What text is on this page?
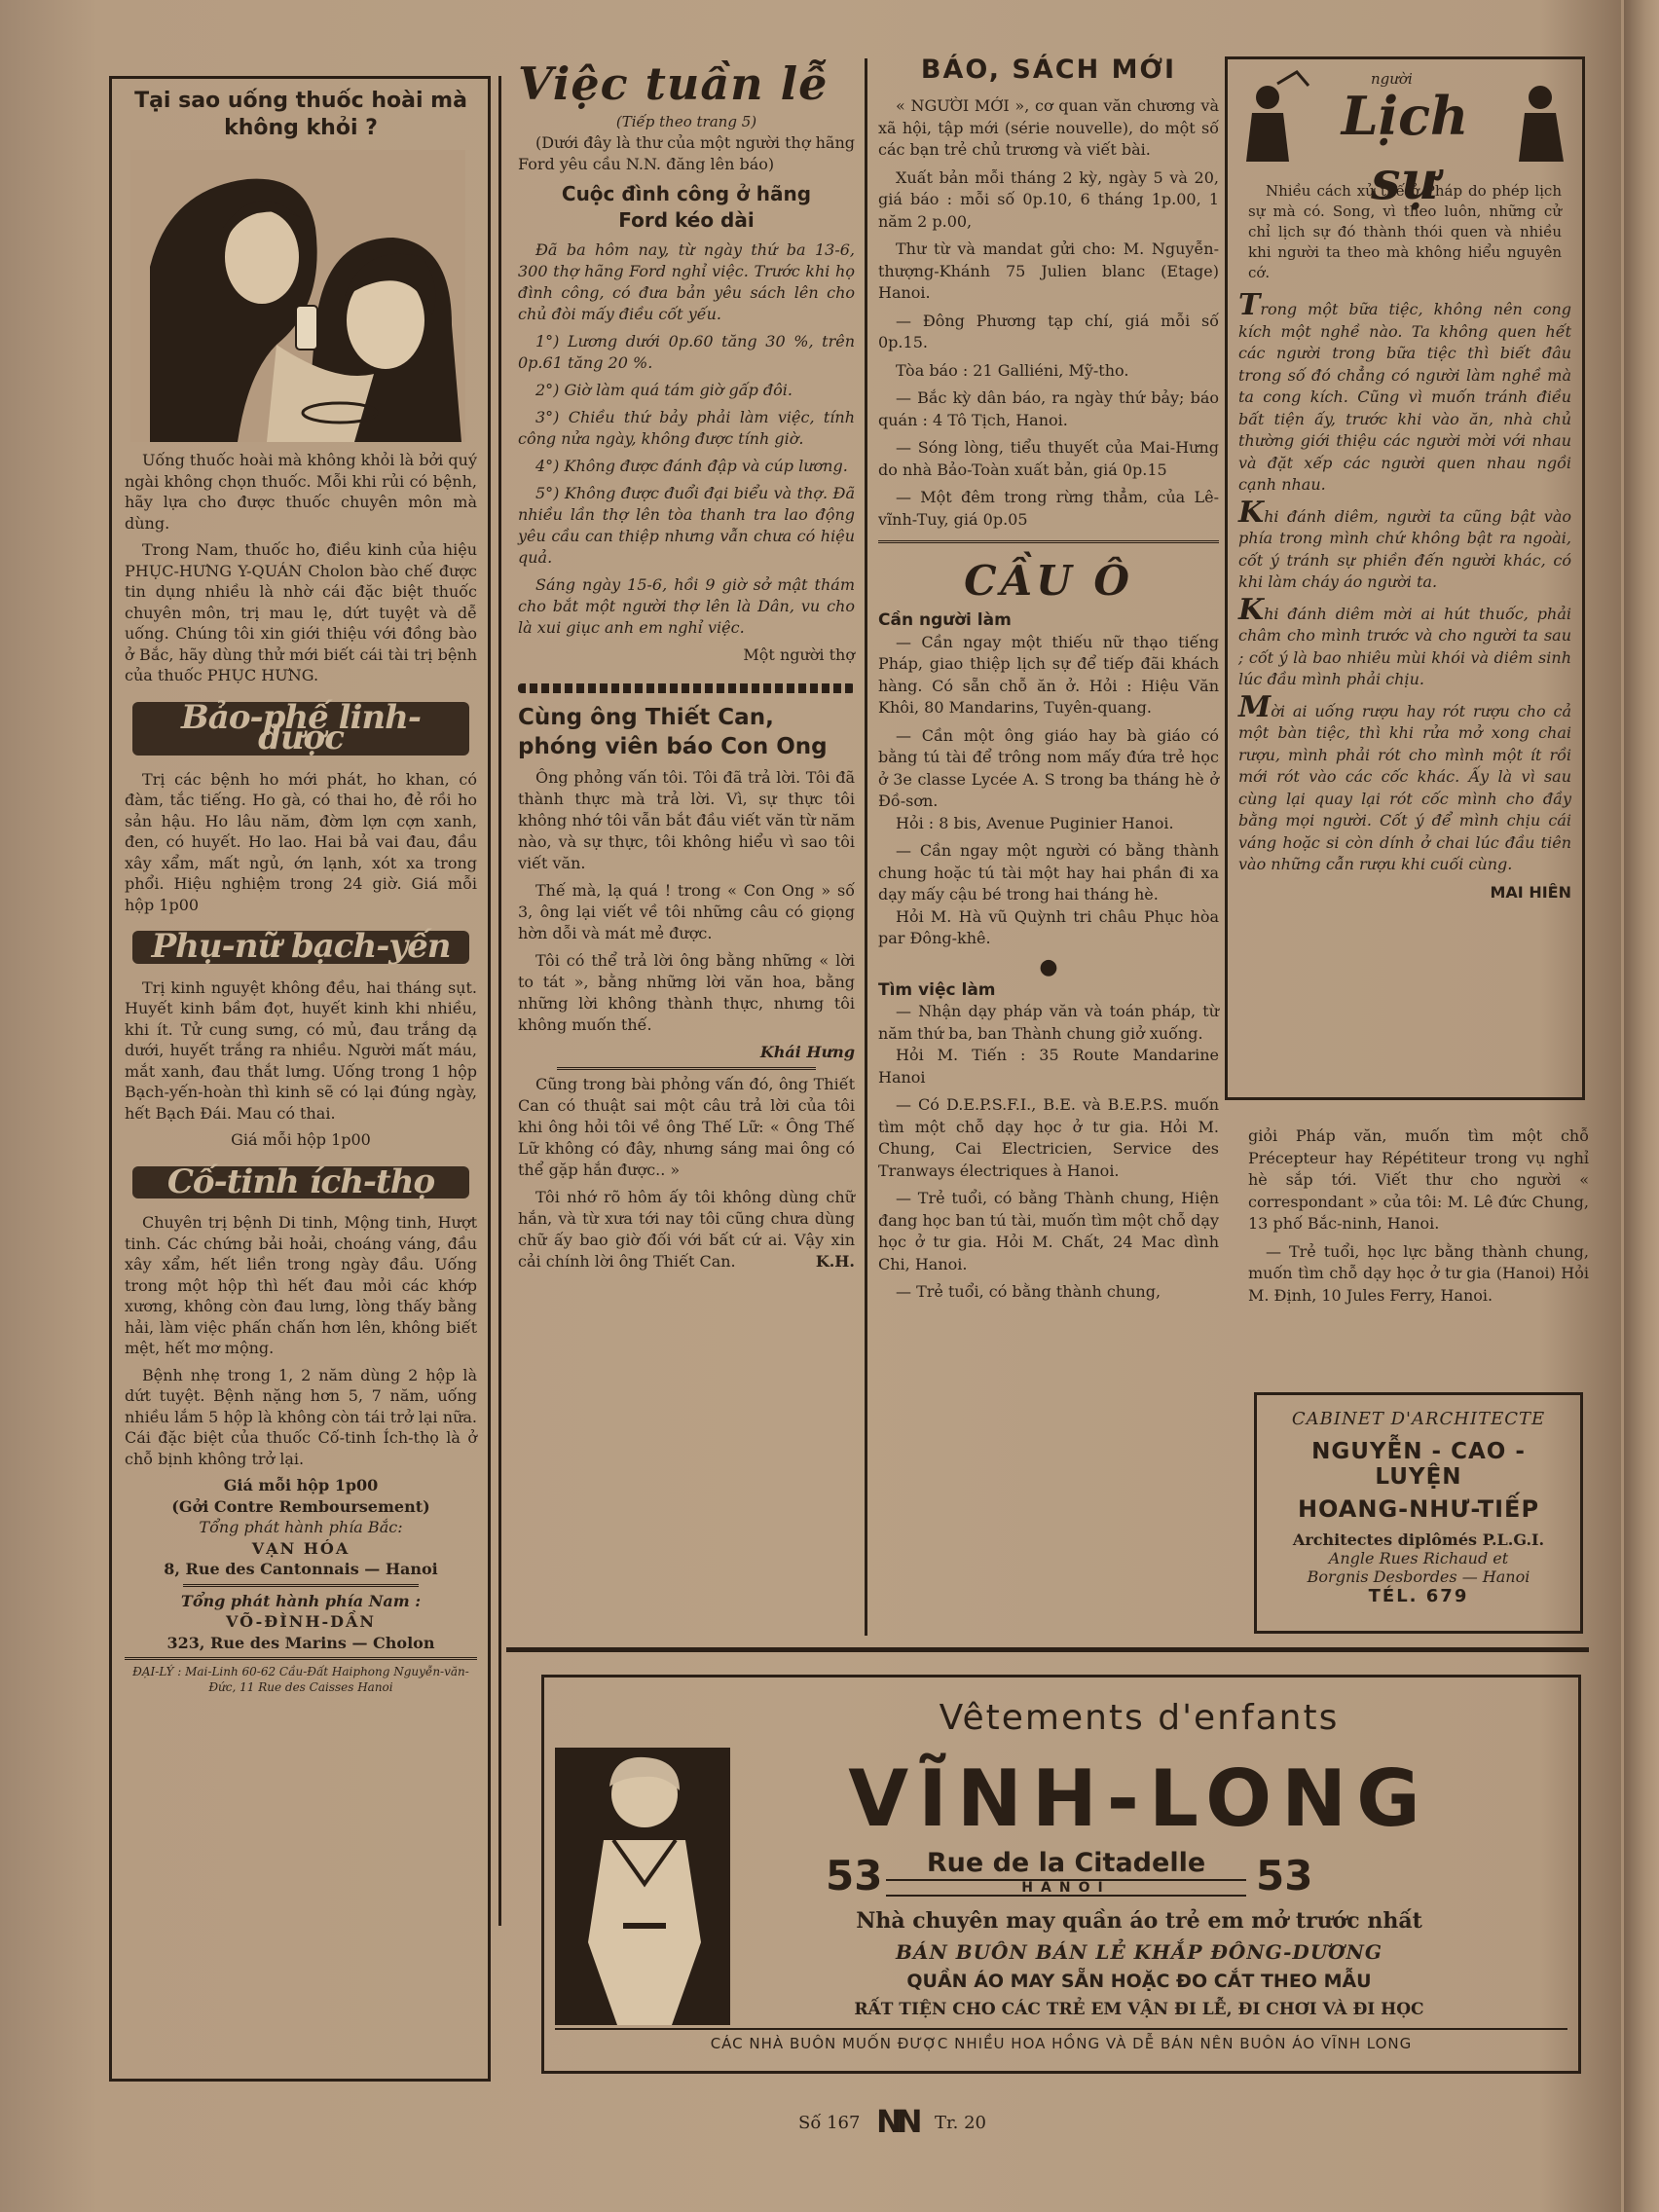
Tại sao uống thuốc hoài mà không khỏi ?

Uống thuốc hoài mà không khỏi là bởi quý ngài không chọn thuốc. Mỗi khi rủi có bệnh, hãy lựa cho được thuốc chuyên môn mà dùng.

Trong Nam, thuốc ho, điều kinh của hiệu PHỤC-HƯNG Y-QUÁN Cholon bào chế được tin dụng nhiều là nhờ cái đặc biệt thuốc chuyên môn, trị mau lẹ, dứt tuyệt và dễ uống. Chúng tôi xin giới thiệu với đồng bào ở Bắc, hãy dùng thử mới biết cái tài trị bệnh của thuốc PHỤC HƯNG.

Bảo-phế linh-dược

Trị các bệnh ho mới phát, ho khan, có đàm, tắc tiếng. Ho gà, có thai ho, đẻ rồi ho sản hậu. Ho lâu năm, đờm lợn cợn xanh, đen, có huyết. Ho lao. Hai bả vai đau, đầu xây xẩm, mất ngủ, ớn lạnh, xót xa trong phổi. Hiệu nghiệm trong 24 giờ. Giá mỗi hộp 1p00

Phụ-nữ bạch-yến

Trị kinh nguyệt không đều, hai tháng sụt. Huyết kinh bầm đọt, huyết kinh khi nhiều, khi ít. Tử cung sưng, có mủ, đau trắng dạ dưới, huyết trắng ra nhiều. Người mất máu, mắt xanh, đau thắt lưng. Uống trong 1 hộp Bạch-yến-hoàn thì kinh sẽ có lại đúng ngày, hết Bạch Đái. Mau có thai.

Giá mỗi hộp 1p00
Cố-tinh ích-thọ

Chuyên trị bệnh Di tinh, Mộng tinh, Hượt tinh. Các chứng bải hoải, choáng váng, đầu xây xẩm, hết liền trong ngày đầu. Uống trong một hộp thì hết đau mỏi các khớp xương, không còn đau lưng, lòng thấy bằng hải, làm việc phấn chấn hơn lên, không biết mệt, hết mơ mộng.

Bệnh nhẹ trong 1, 2 năm dùng 2 hộp là dứt tuyệt. Bệnh nặng hơn 5, 7 năm, uống nhiều lắm 5 hộp là không còn tái trở lại nữa. Cái đặc biệt của thuốc Cố-tinh Ích-thọ là ở chỗ bịnh không trở lại.

Giá mỗi hộp 1p00
(Gởi Contre Remboursement)
Tổng phát hành phía Bắc:
VẠN HÓA
8, Rue des Cantonnais — Hanoi
Tổng phát hành phía Nam :
VÕ-ĐÌNH-DẦN
323, Rue des Marins — Cholon
ĐẠI-LÝ : Mai-Linh 60-62 Cầu-Đất Haiphong Nguyễn-văn-Đức, 11 Rue des Caisses Hanoi
Việc tuần lễ
(Tiếp theo trang 5)

(Dưới đây là thư của một người thợ hãng Ford yêu cầu N.N. đăng lên báo)

Cuộc đình công ở hãng Ford kéo dài

Đã ba hôm nay, từ ngày thứ ba 13-6, 300 thợ hãng Ford nghỉ việc. Trước khi họ đình công, có đưa bản yêu sách lên cho chủ đòi mấy điều cốt yếu.

1°) Lương dưới 0p.60 tăng 30 %, trên 0p.61 tăng 20 %.

2°) Giờ làm quá tám giờ gấp đôi.

3°) Chiều thứ bảy phải làm việc, tính công nửa ngày, không được tính giờ.

4°) Không được đánh đập và cúp lương.

5°) Không được đuổi đại biểu và thợ. Đã nhiều lần thợ lên tòa thanh tra lao động yêu cầu can thiệp nhưng vẫn chưa có hiệu quả.

Sáng ngày 15-6, hồi 9 giờ sở mật thám cho bắt một người thợ lên là Dân, vu cho là xui giục anh em nghỉ việc.

Một người thợ
Cùng ông Thiết Can, phóng viên báo Con Ong

Ông phỏng vấn tôi. Tôi đã trả lời. Tôi đã thành thực mà trả lời. Vì, sự thực tôi không nhớ tôi vẫn bắt đầu viết văn từ năm nào, và sự thực, tôi không hiểu vì sao tôi viết văn.

Thế mà, lạ quá ! trong « Con Ong » số 3, ông lại viết về tôi những câu có giọng hờn dỗi và mát mẻ được.

Tôi có thể trả lời ông bằng những « lời to tát », bằng những lời văn hoa, bằng những lời không thành thực, nhưng tôi không muốn thế.

Khái Hưng

Cũng trong bài phỏng vấn đó, ông Thiết Can có thuật sai một câu trả lời của tôi khi ông hỏi tôi về ông Thế Lữ: « Ông Thế Lữ không có đây, nhưng sáng mai ông có thể gặp hắn được.. »

Tôi nhớ rõ hôm ấy tôi không dùng chữ hắn, và từ xưa tới nay tôi cũng chưa dùng chữ ấy bao giờ đối với bất cứ ai. Vậy xin cải chính lời ông Thiết Can.	K.H.
BÁO, SÁCH MỚI

« NGƯỜI MỚI », cơ quan văn chương và xã hội, tập mới (série nouvelle), do một số các bạn trẻ chủ trương và viết bài.

Xuất bản mỗi tháng 2 kỳ, ngày 5 và 20, giá báo : mỗi số 0p.10, 6 tháng 1p.00, 1 năm 2 p.00,

Thư từ và mandat gửi cho: M. Nguyễn-thượng-Khánh 75 Julien blanc (Etage) Hanoi.

— Đông Phương tạp chí, giá mỗi số 0p.15.

Tòa báo : 21 Galliéni, Mỹ-tho.

— Bắc kỳ dân báo, ra ngày thứ bảy; báo quán : 4 Tô Tịch, Hanoi.

— Sóng lòng, tiểu thuyết của Mai-Hưng do nhà Bảo-Toàn xuất bản, giá 0p.15

— Một đêm trong rừng thẳm, của Lê-vĩnh-Tuy, giá 0p.05

CẦU Ô
Cần người làm

— Cần ngay một thiếu nữ thạo tiếng Pháp, giao thiệp lịch sự để tiếp đãi khách hàng. Có sẵn chỗ ăn ở. Hỏi : Hiệu Văn Khôi, 80 Mandarins, Tuyên-quang.

— Cần một ông giáo hay bà giáo có bằng tú tài để trông nom mấy đứa trẻ học ở 3e classe Lycée A. S trong ba tháng hè ở Đồ-sơn.

Hỏi : 8 bis, Avenue Puginier Hanoi.

— Cần ngay một người có bằng thành chung hoặc tú tài một hay hai phần đi xa dạy mấy cậu bé trong hai tháng hè.

Hỏi M. Hà vũ Quỳnh tri châu Phục hòa par Đông-khê.

●
Tìm việc làm

— Nhận dạy pháp văn và toán pháp, từ năm thứ ba, ban Thành chung giở xuống.

Hỏi M. Tiến : 35 Route Mandarine Hanoi

— Có D.E.P.S.F.I., B.E. và B.E.P.S. muốn tìm một chỗ dạy học ở tư gia. Hỏi M. Chung, Cai Electricien, Service des Tranways électriques à Hanoi.

— Trẻ tuổi, có bằng Thành chung, Hiện đang học ban tú tài, muốn tìm một chỗ dạy học ở tư gia. Hỏi M. Chất, 24 Mac dình Chi, Hanoi.

— Trẻ tuổi, có bằng thành chung,

người
Lịch sự

Nhiều cách xử thế ở Pháp do phép lịch sự mà có. Song, vì theo luôn, những cử chỉ lịch sự đó thành thói quen và nhiều khi người ta theo mà không hiểu nguyên cớ.

Trong một bữa tiệc, không nên cong kích một nghề nào. Ta không quen hết các người trong bữa tiệc thì biết đâu trong số đó chẳng có người làm nghề mà ta cong kích. Cũng vì muốn tránh điều bất tiện ấy, trước khi vào ăn, nhà chủ thường giới thiệu các người mời với nhau và đặt xếp các người quen nhau ngồi cạnh nhau.

Khi đánh diêm, người ta cũng bật vào phía trong mình chứ không bật ra ngoài, cốt ý tránh sự phiền đến người khác, có khi làm cháy áo người ta.

Khi đánh diêm mời ai hút thuốc, phải châm cho mình trước và cho người ta sau ; cốt ý là bao nhiêu mùi khói và diêm sinh lúc đầu mình phải chịu.

Mời ai uống rượu hay rót rượu cho cả một bàn tiệc, thì khi rửa mở xong chai rượu, mình phải rót cho mình một ít rồi mới rót vào các cốc khác. Ấy là vì sau cùng lại quay lại rót cốc mình cho đầy bằng mọi người. Cốt ý để mình chịu cái váng hoặc si còn dính ở chai lúc đầu tiên vào những cẫn rượu khi cuối cùng.

MAI HIÊN

giỏi Pháp văn, muốn tìm một chỗ Précepteur hay Répétiteur trong vụ nghỉ hè sắp tới. Viết thư cho người « correspondant » của tôi: M. Lê đức Chung, 13 phố Bắc-ninh, Hanoi.

— Trẻ tuổi, học lực bằng thành chung, muốn tìm chỗ dạy học ở tư gia (Hanoi) Hỏi M. Định, 10 Jules Ferry, Hanoi.

CABINET D'ARCHITECTE
NGUYỄN - CAO - LUYỆN
HOANG-NHƯ-TIẾP
Architectes diplômés P.L.G.I.
Angle Rues Richaud et
Borgnis Desbordes — Hanoi
TÉL. 679
Vêtements d'enfants
VĨNH-LONG
53	53
Rue de la Citadelle
HANOI
Nhà chuyên may quần áo trẻ em mở trước nhất
BÁN BUÔN BÁN LẺ KHẮP ĐÔNG-DƯƠNG
QUẦN ÁO MAY SẴN HOẶC ĐO CẮT THEO MẪU
RẤT TIỆN CHO CÁC TRẺ EM VẬN ĐI LỄ, ĐI CHƠI VÀ ĐI HỌC
CÁC NHÀ BUÔN MUỐN ĐƯỢC NHIỀU HOA HỒNG VÀ DỄ BÁN NÊN BUÔN ÁO VĨNH LONG
Số 167 NN Tr. 20
